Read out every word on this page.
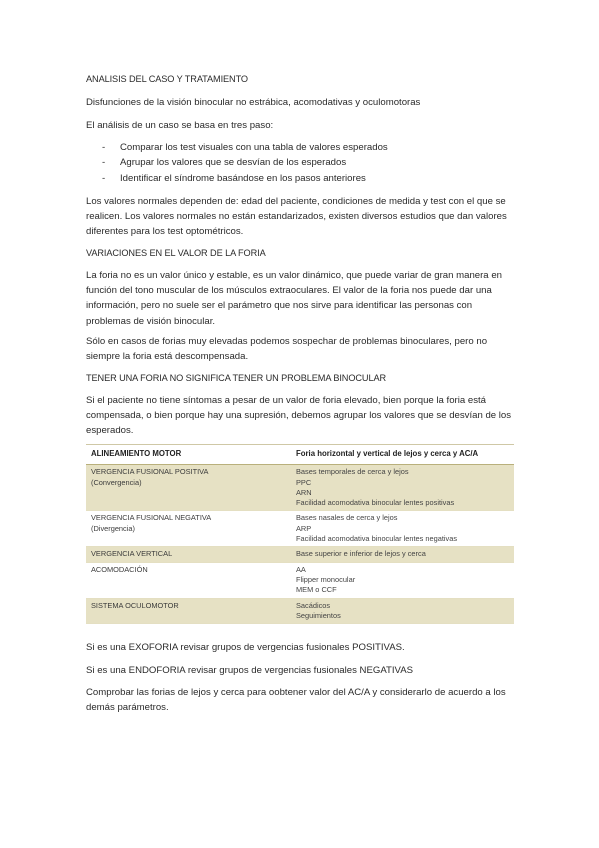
ANALISIS DEL CASO Y TRATAMIENTO

Disfunciones de la visión binocular no estrábica, acomodativas y oculomotoras

El análisis de un caso se basa en tres paso:

- Comparar los test visuales con una tabla de valores esperados
- Agrupar los valores que se desvían de los esperados
- Identificar el síndrome basándose en los pasos anteriores

Los valores normales dependen de: edad del paciente, condiciones de medida y test con el que se realicen. Los valores normales no están estandarizados, existen diversos estudios que dan valores diferentes para los test optométricos.

VARIACIONES EN EL VALOR DE LA FORIA

La foria no es un valor único y estable, es un valor dinámico, que puede variar de gran manera en función del tono muscular de los músculos extraoculares. El valor de la foria nos puede dar una información, pero no suele ser el parámetro que nos sirve para identificar las personas con problemas de visión binocular.

Sólo en casos de forias muy elevadas podemos sospechar de problemas binoculares, pero no siempre la foria está descompensada.

TENER UNA FORIA NO SIGNIFICA TENER UN PROBLEMA BINOCULAR

Si el paciente no tiene síntomas a pesar de un valor de foria elevado, bien porque la foria está compensada, o bien porque hay una supresión, debemos agrupar los valores que se desvían de los esperados.

ALINEAMIENTO MOTOR	Foria horizontal y vertical de lejos y cerca y AC/A

VERGENCIA FUSIONAL POSITIVA
(Convergencia)	Bases temporales de cerca y lejos
PPC
ARN
Facilidad acomodativa binocular lentes positivas

VERGENCIA FUSIONAL NEGATIVA
(Divergencia)	Bases nasales de cerca y lejos
ARP
Facilidad acomodativa binocular lentes negativas

VERGENCIA VERTICAL	Base superior e inferior de lejos y cerca

ACOMODACIÓN	AA
Flipper monocular
MEM o CCF

SISTEMA OCULOMOTOR	Sacádicos
Seguimientos

Si es una EXOFORIA revisar grupos de vergencias fusionales POSITIVAS.

Si es una ENDOFORIA revisar grupos de vergencias fusionales NEGATIVAS

Comprobar las forias de lejos y cerca para oobtener valor del AC/A y considerarlo de acuerdo a los demás parámetros.
